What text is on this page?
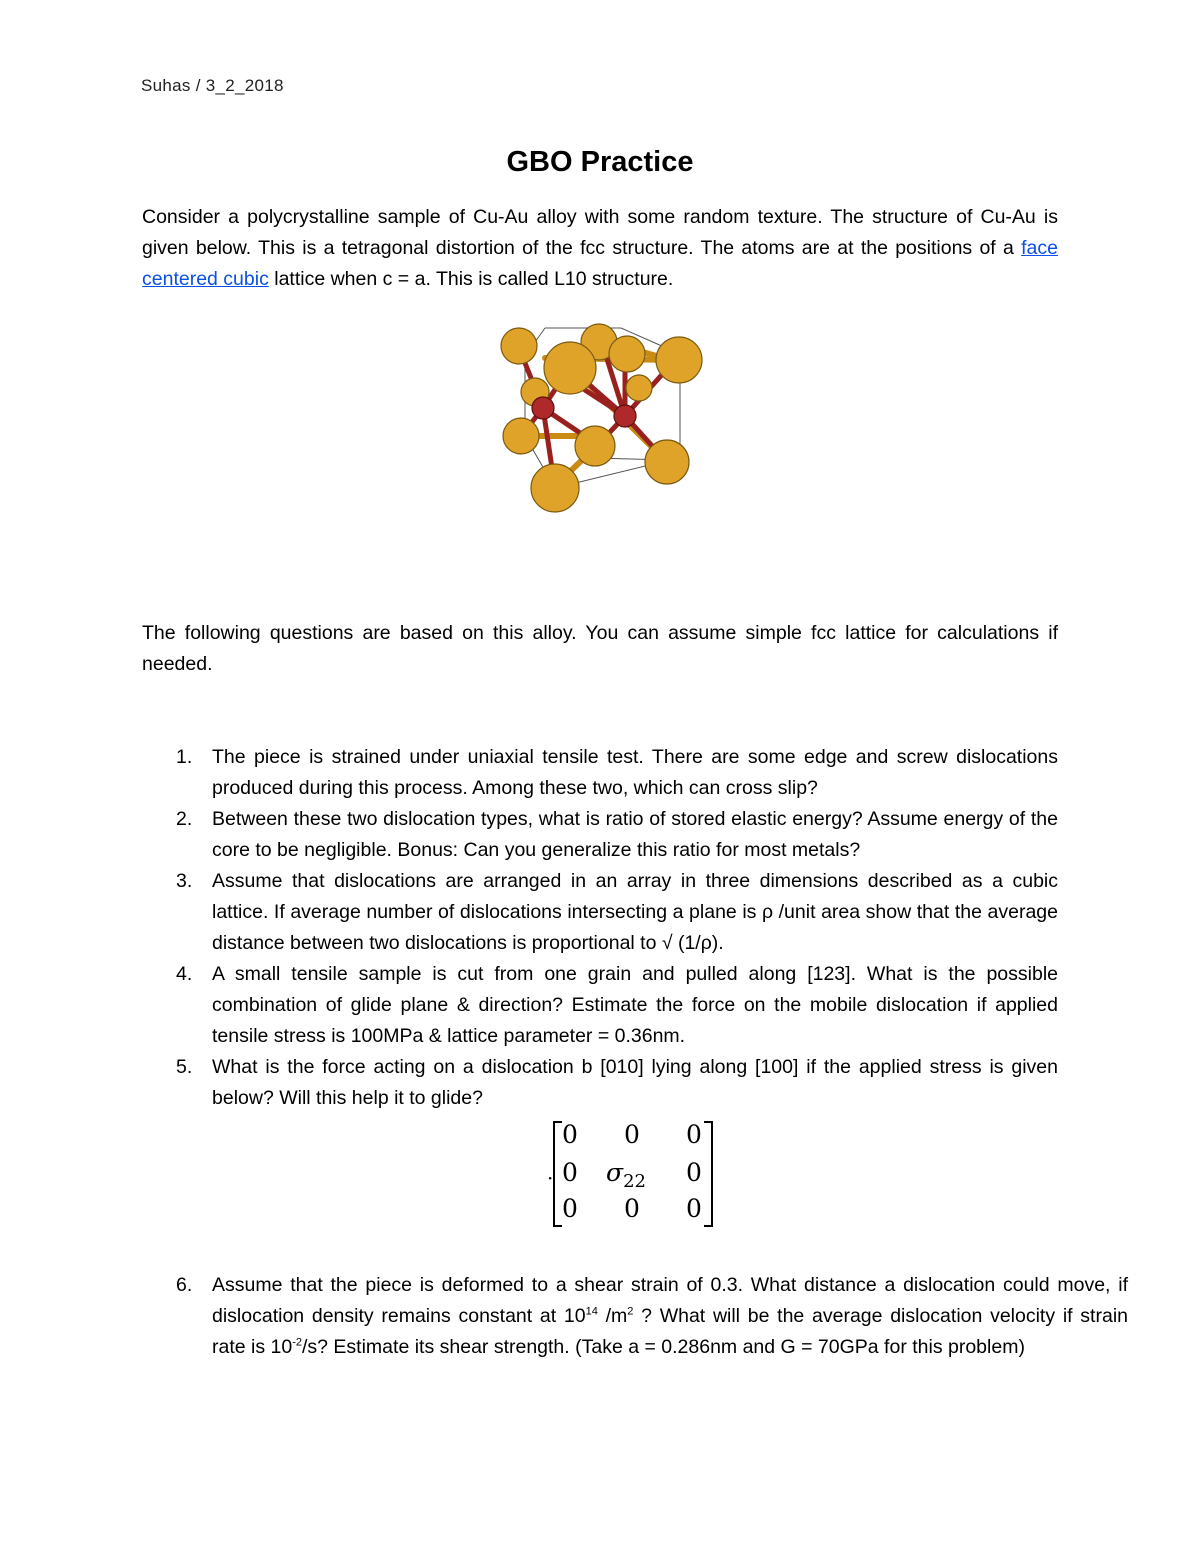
Suhas / 3_2_2018
GBO Practice

Consider a polycrystalline sample of Cu-Au alloy with some random texture. The structure of Cu-Au is given below. This is a tetragonal distortion of the fcc structure. The atoms are at the positions of a face centered cubic lattice when c = a. This is called L10 structure.

The following questions are based on this alloy. You can assume simple fcc lattice for calculations if needed.

1. The piece is strained under uniaxial tensile test. There are some edge and screw dislocations produced during this process. Among these two, which can cross slip?
2. Between these two dislocation types, what is ratio of stored elastic energy? Assume energy of the core to be negligible. Bonus: Can you generalize this ratio for most metals?
3. Assume that dislocations are arranged in an array in three dimensions described as a cubic lattice. If average number of dislocations intersecting a plane is ρ /unit area show that the average distance between two dislocations is proportional to √ (1/ρ).
4. A small tensile sample is cut from one grain and pulled along [123]. What is the possible combination of glide plane & direction? Estimate the force on the mobile dislocation if applied tensile stress is 100MPa & lattice parameter = 0.36nm.
5. What is the force acting on a dislocation b [010] lying along [100] if the applied stress is given below? Will this help it to glide?
·
0 0 0
0 $\sigma_{22}$ 0
0 0 0
6. Assume that the piece is deformed to a shear strain of 0.3. What distance a dislocation could move, if dislocation density remains constant at $10^{14}$ $/m^2$ ? What will be the average dislocation velocity if strain rate is $10^{-2}/s$? Estimate its shear strength. (Take a = 0.286nm and G = 70GPa for this problem)
